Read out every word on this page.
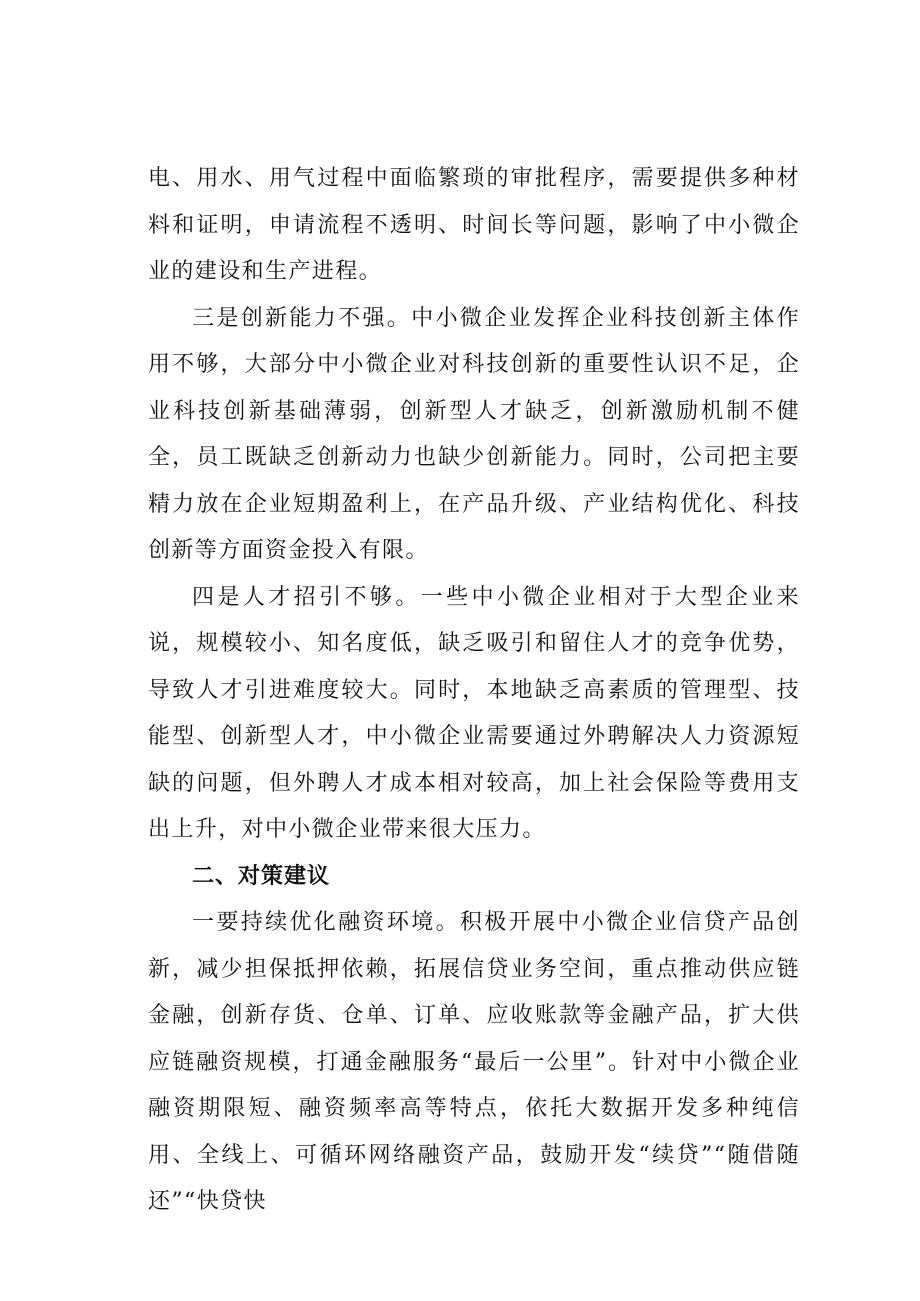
电、用水、用气过程中面临繁琐的审批程序，需要提供多种材料和证明，申请流程不透明、时间长等问题，影响了中小微企业的建设和生产进程。

三是创新能力不强。中小微企业发挥企业科技创新主体作用不够，大部分中小微企业对科技创新的重要性认识不足，企业科技创新基础薄弱，创新型人才缺乏，创新激励机制不健全，员工既缺乏创新动力也缺少创新能力。同时，公司把主要精力放在企业短期盈利上，在产品升级、产业结构优化、科技创新等方面资金投入有限。

四是人才招引不够。一些中小微企业相对于大型企业来说，规模较小、知名度低，缺乏吸引和留住人才的竞争优势，导致人才引进难度较大。同时，本地缺乏高素质的管理型、技能型、创新型人才，中小微企业需要通过外聘解决人力资源短缺的问题，但外聘人才成本相对较高，加上社会保险等费用支出上升，对中小微企业带来很大压力。

二、对策建议

一要持续优化融资环境。积极开展中小微企业信贷产品创新，减少担保抵押依赖，拓展信贷业务空间，重点推动供应链金融，创新存货、仓单、订单、应收账款等金融产品，扩大供应链融资规模，打通金融服务“最后一公里”。针对中小微企业融资期限短、融资频率高等特点，依托大数据开发多种纯信用、全线上、可循环网络融资产品，鼓励开发“续贷”“随借随还”“快贷快
